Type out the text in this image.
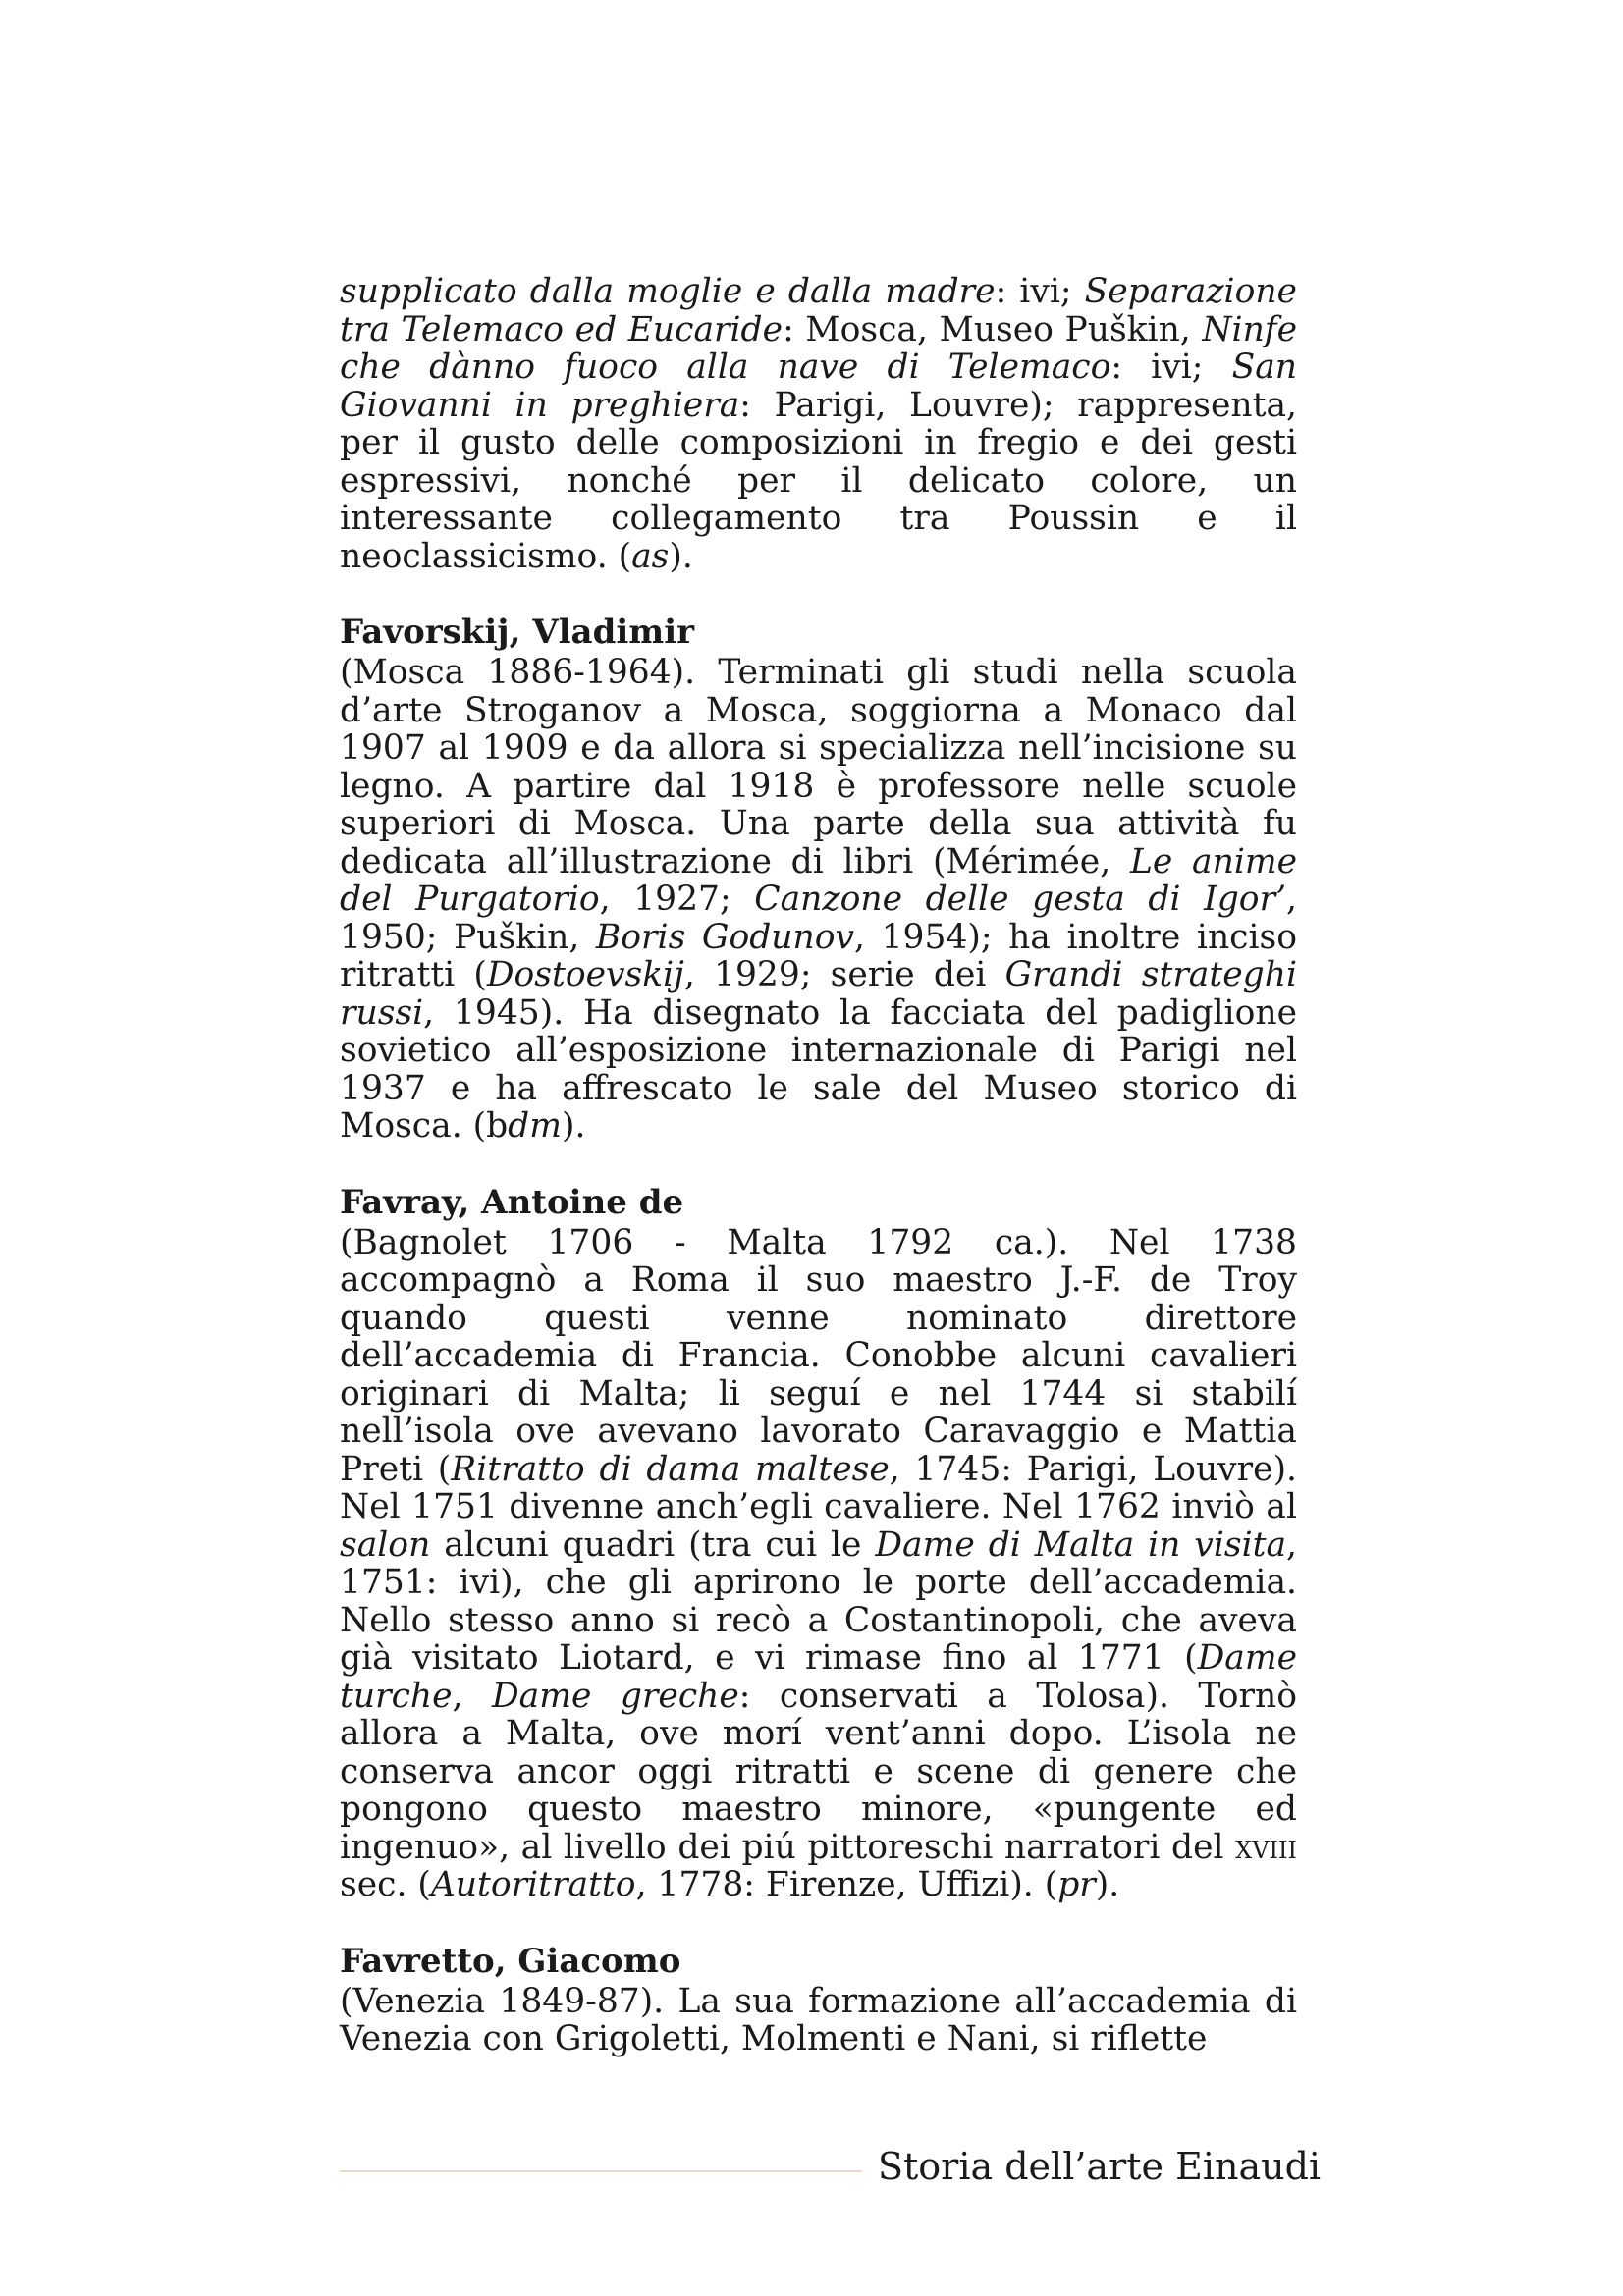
supplicato dalla moglie e dalla madre: ivi; Separazione tra Telemaco ed Eucaride: Mosca, Museo Puškin, Ninfe che dànno fuoco alla nave di Telemaco: ivi; San Giovanni in preghiera: Parigi, Louvre); rappresenta, per il gusto delle composizioni in fregio e dei gesti espressivi, nonché per il delicato colore, un interessante collegamento tra Poussin e il neoclassicismo. (as).

Favorskij, Vladimir

(Mosca 1886-1964). Terminati gli studi nella scuola d’arte Stroganov a Mosca, soggiorna a Monaco dal 1907 al 1909 e da allora si specializza nell’incisione su legno. A partire dal 1918 è professore nelle scuole superiori di Mosca. Una parte della sua attività fu dedicata all’illustrazione di libri (Mérimée, Le anime del Purgatorio, 1927; Canzone delle gesta di Igor’, 1950; Puškin, Boris Godunov, 1954); ha inoltre inciso ritratti (Dostoevskij, 1929; serie dei Grandi strateghi russi, 1945). Ha disegnato la facciata del padiglione sovietico all’esposizione internazionale di Parigi nel 1937 e ha affrescato le sale del Museo storico di Mosca. (bdm).

Favray, Antoine de

(Bagnolet 1706 - Malta 1792 ca.). Nel 1738 accompagnò a Roma il suo maestro J.-F. de Troy quando questi venne nominato direttore dell’accademia di Francia. Conobbe alcuni cavalieri originari di Malta; li seguí e nel 1744 si stabilí nell’isola ove avevano lavorato Caravaggio e Mattia Preti (Ritratto di dama maltese, 1745: Parigi, Louvre). Nel 1751 divenne anch’egli cavaliere. Nel 1762 inviò al salon alcuni quadri (tra cui le Dame di Malta in visita, 1751: ivi), che gli aprirono le porte dell’accademia. Nello stesso anno si recò a Costantinopoli, che aveva già visitato Liotard, e vi rimase fino al 1771 (Dame turche, Dame greche: conservati a Tolosa). Tornò allora a Malta, ove morí vent’anni dopo. L’isola ne conserva ancor oggi ritratti e scene di genere che pongono questo maestro minore, «pungente ed ingenuo», al livello dei piú pittoreschi narratori del xviii sec. (Autoritratto, 1778: Firenze, Uffizi). (pr).

Favretto, Giacomo

(Venezia 1849-87). La sua formazione all’accademia di Venezia con Grigoletti, Molmenti e Nani, si riflette

Storia dell’arte Einaudi
